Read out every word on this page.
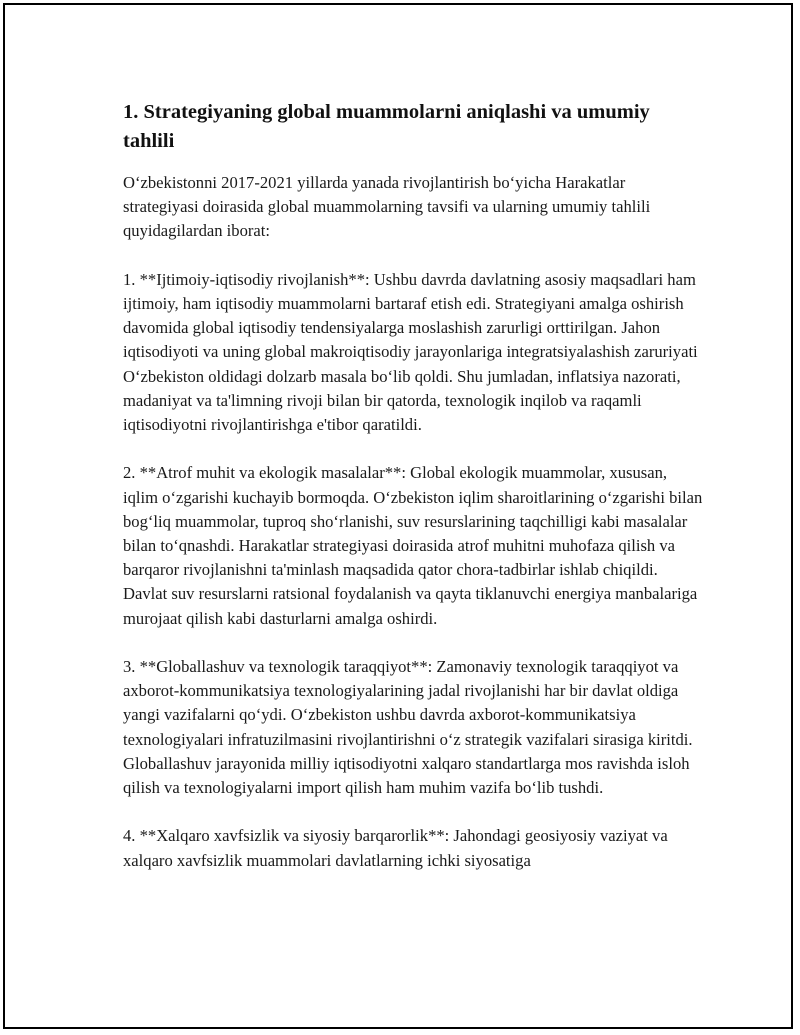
1. Strategiyaning global muammolarni aniqlashi va umumiy tahlili

O‘zbekistonni 2017-2021 yillarda yanada rivojlantirish bo‘yicha Harakatlar strategiyasi doirasida global muammolarning tavsifi va ularning umumiy tahlili quyidagilardan iborat:

1. **Ijtimoiy-iqtisodiy rivojlanish**: Ushbu davrda davlatning asosiy maqsadlari ham ijtimoiy, ham iqtisodiy muammolarni bartaraf etish edi. Strategiyani amalga oshirish davomida global iqtisodiy tendensiyalarga moslashish zarurligi orttirilgan. Jahon iqtisodiyoti va uning global makroiqtisodiy jarayonlariga integratsiyalashish zaruriyati O‘zbekiston oldidagi dolzarb masala bo‘lib qoldi. Shu jumladan, inflatsiya nazorati, madaniyat va ta'limning rivoji bilan bir qatorda, texnologik inqilob va raqamli iqtisodiyotni rivojlantirishga e'tibor qaratildi.

2. **Atrof muhit va ekologik masalalar**: Global ekologik muammolar, xususan, iqlim o‘zgarishi kuchayib bormoqda. O‘zbekiston iqlim sharoitlarining o‘zgarishi bilan bog‘liq muammolar, tuproq sho‘rlanishi, suv resurslarining taqchilligi kabi masalalar bilan to‘qnashdi. Harakatlar strategiyasi doirasida atrof muhitni muhofaza qilish va barqaror rivojlanishni ta'minlash maqsadida qator chora-tadbirlar ishlab chiqildi. Davlat suv resurslarni ratsional foydalanish va qayta tiklanuvchi energiya manbalariga murojaat qilish kabi dasturlarni amalga oshirdi.

3. **Globallashuv va texnologik taraqqiyot**: Zamonaviy texnologik taraqqiyot va axborot-kommunikatsiya texnologiyalarining jadal rivojlanishi har bir davlat oldiga yangi vazifalarni qo‘ydi. O‘zbekiston ushbu davrda axborot-kommunikatsiya texnologiyalari infratuzilmasini rivojlantirishni o‘z strategik vazifalari sirasiga kiritdi. Globallashuv jarayonida milliy iqtisodiyotni xalqaro standartlarga mos ravishda isloh qilish va texnologiyalarni import qilish ham muhim vazifa bo‘lib tushdi.

4. **Xalqaro xavfsizlik va siyosiy barqarorlik**: Jahondagi geosiyosiy vaziyat va xalqaro xavfsizlik muammolari davlatlarning ichki siyosatiga
